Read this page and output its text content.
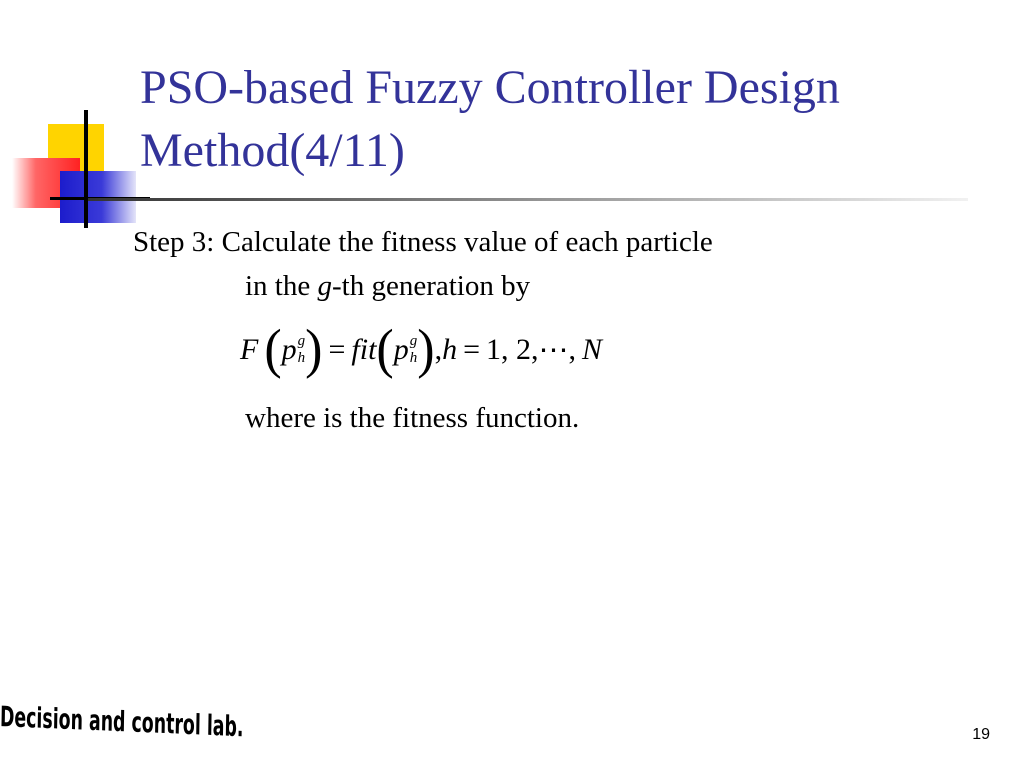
PSO-based Fuzzy Controller Design
Method(4/11)
Step 3: Calculate the fitness value of each particle
in the g-th generation by
F ( p g
h ) = fit ( p g
h ) , h = 1, 2, ⋯ , N
where is the fitness function.
Decision and control lab.	19
